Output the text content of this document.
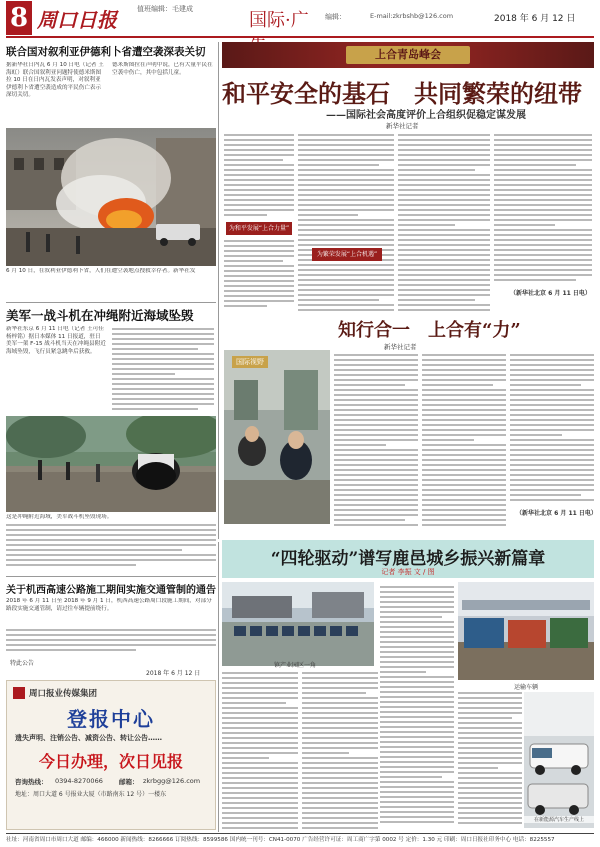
8 周口日报	值班编辑：毛建成
国际·广	编辑：	E-mail:zkrbshb@126.com	2018 年 6 月 12 日
联合国对叙利亚伊德利卜省遭空袭深表关切
据新华社日内瓦 6 月 10 日电（记者 王海虹）联合国叙利亚问题特使德米斯图拉 10 日在日内瓦发表声明，对叙利亚伊德利卜省遭空袭造成的平民伤亡表示深切关切。
德米斯图拉在声明中说，已有大量平民在空袭中伤亡，其中包括儿童。
6 月 10 日，在叙利亚伊德利卜省，人们在遭空袭地点搜救幸存者。新华社发
美军一战斗机在冲绳附近海域坠毁
新华社东京 6 月 11 日电（记者 王可佳 杨梓铭）据日本媒体 11 日报道，驻日美军一架 F-15 战斗机当天在冲绳县附近海域坠毁，飞行员紧急跳伞后获救。
这是冲绳附近海域，美军战斗机坠毁现场。
关于机西高速公路施工期间实施交通管制的通告
2018 年 6 月 11 日至 2018 年 9 月 1 日，机西高速公路周口段施工期间，对部分路段实施交通管制，请过往车辆提前绕行。
特此公告
2018 年 6 月 12 日
周口报业传媒集团
登报中心
遗失声明、注销公告、减资公告、转让公告……
今日办理，次日见报
咨询热线： 0394-8270066 邮箱： zkrbgg@126.com
地址：周口大道 6 号报业大厦（市路南东 12 号）一楼东
上合青岛峰会
和平安全的基石　共同繁荣的纽带
——国际社会高度评价上合组织促稳定谋发展
新华社记者
为和平发展“上合力量”
为繁荣发展“上合机遇”
（新华社北京 6 月 11 日电）
知行合一　上合有“力”
新华社记者
国际视野
（新华社北京 6 月 11 日电）
“四轮驱动”谱写鹿邑城乡振兴新篇章
记者 李振 文 / 图
镇产业园区一角
运输车辆
在新能源汽车生产线上
社址：河南省周口市周口大道 邮编：466000 新闻热线：8266666 订阅热线：8599586 国内统一刊号：CN41-0070 广告经营许可证：周工商广字第 0002 号 定价：1.30 元 印刷：周口日报社印务中心 电话：8225557
